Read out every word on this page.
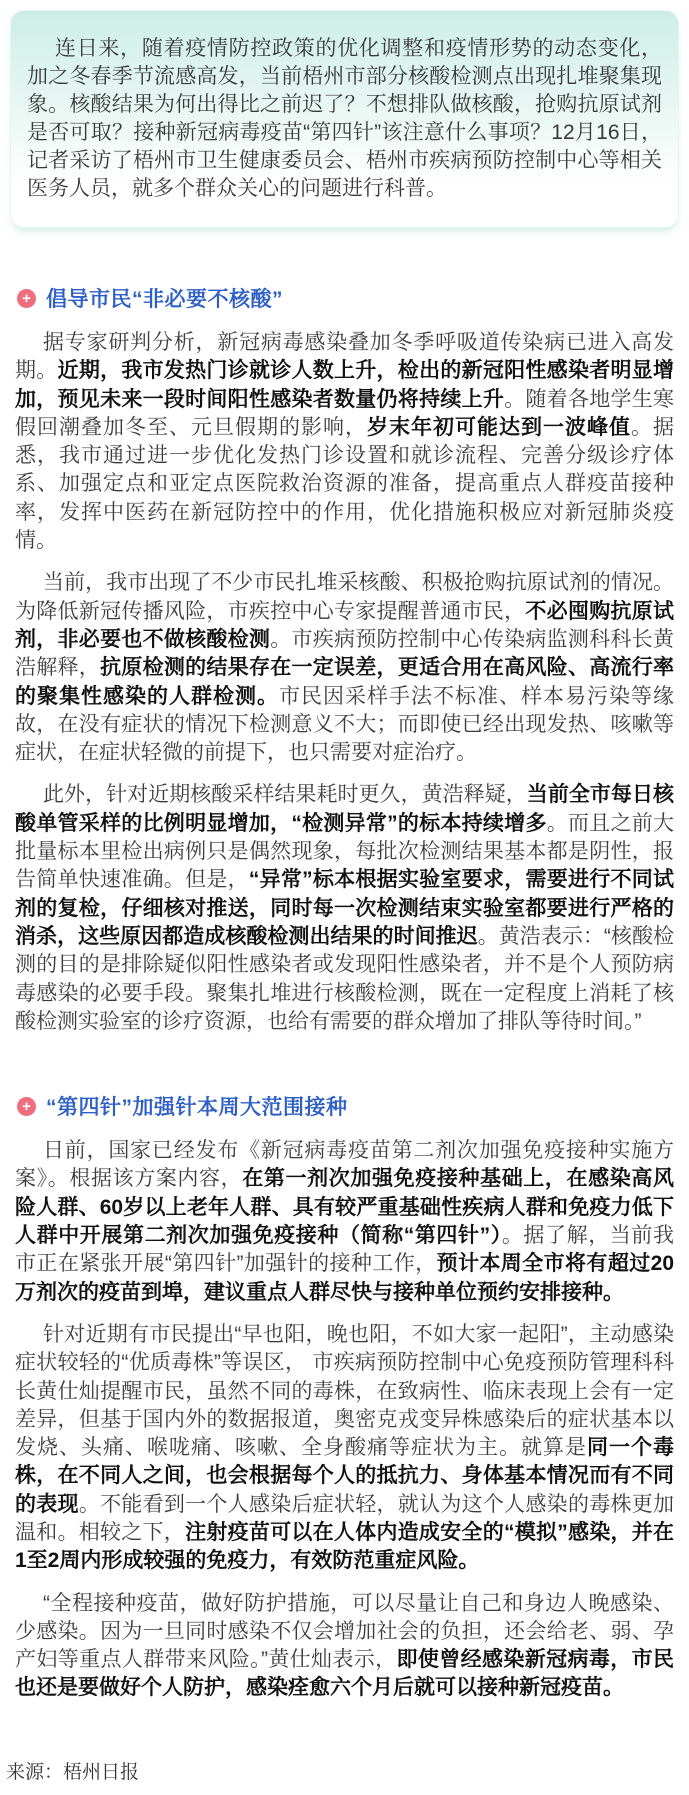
连日来，随着疫情防控政策的优化调整和疫情形势的动态变化，加之冬春季节流感高发，当前梧州市部分核酸检测点出现扎堆聚集现象。核酸结果为何出得比之前迟了？不想排队做核酸，抢购抗原试剂是否可取？接种新冠病毒疫苗“第四针”该注意什么事项？12月16日，记者采访了梧州市卫生健康委员会、梧州市疾病预防控制中心等相关医务人员，就多个群众关心的问题进行科普。

+ 倡导市民“非必要不核酸”

据专家研判分析，新冠病毒感染叠加冬季呼吸道传染病已进入高发期。近期，我市发热门诊就诊人数上升，检出的新冠阳性感染者明显增加，预见未来一段时间阳性感染者数量仍将持续上升。随着各地学生寒假回潮叠加冬至、元旦假期的影响，岁末年初可能达到一波峰值。据悉，我市通过进一步优化发热门诊设置和就诊流程、完善分级诊疗体系、加强定点和亚定点医院救治资源的准备，提高重点人群疫苗接种率，发挥中医药在新冠防控中的作用，优化措施积极应对新冠肺炎疫情。

当前，我市出现了不少市民扎堆采核酸、积极抢购抗原试剂的情况。为降低新冠传播风险，市疾控中心专家提醒普通市民，不必囤购抗原试剂，非必要也不做核酸检测。市疾病预防控制中心传染病监测科科长黄浩解释，抗原检测的结果存在一定误差，更适合用在高风险、高流行率的聚集性感染的人群检测。市民因采样手法不标准、样本易污染等缘故，在没有症状的情况下检测意义不大；而即使已经出现发热、咳嗽等症状，在症状轻微的前提下，也只需要对症治疗。

此外，针对近期核酸采样结果耗时更久，黄浩释疑，当前全市每日核酸单管采样的比例明显增加，“检测异常”的标本持续增多。而且之前大批量标本里检出病例只是偶然现象，每批次检测结果基本都是阴性，报告简单快速准确。但是，“异常”标本根据实验室要求，需要进行不同试剂的复检，仔细核对推送，同时每一次检测结束实验室都要进行严格的消杀，这些原因都造成核酸检测出结果的时间推迟。黄浩表示：“核酸检测的目的是排除疑似阳性感染者或发现阳性感染者，并不是个人预防病毒感染的必要手段。聚集扎堆进行核酸检测，既在一定程度上消耗了核酸检测实验室的诊疗资源，也给有需要的群众增加了排队等待时间。”

+ “第四针”加强针本周大范围接种

日前，国家已经发布《新冠病毒疫苗第二剂次加强免疫接种实施方案》。根据该方案内容，在第一剂次加强免疫接种基础上，在感染高风险人群、60岁以上老年人群、具有较严重基础性疾病人群和免疫力低下人群中开展第二剂次加强免疫接种（简称“第四针”）。据了解，当前我市正在紧张开展“第四针”加强针的接种工作，预计本周全市将有超过20万剂次的疫苗到埠，建议重点人群尽快与接种单位预约安排接种。

针对近期有市民提出“早也阳，晚也阳，不如大家一起阳”，主动感染症状较轻的“优质毒株”等误区， 市疾病预防控制中心免疫预防管理科科长黄仕灿提醒市民，虽然不同的毒株，在致病性、临床表现上会有一定差异，但基于国内外的数据报道，奥密克戎变异株感染后的症状基本以发烧、头痛、喉咙痛、咳嗽、全身酸痛等症状为主。就算是同一个毒株，在不同人之间，也会根据每个人的抵抗力、身体基本情况而有不同的表现。不能看到一个人感染后症状轻，就认为这个人感染的毒株更加温和。相较之下，注射疫苗可以在人体内造成安全的“模拟”感染，并在1至2周内形成较强的免疫力，有效防范重症风险。

“全程接种疫苗，做好防护措施，可以尽量让自己和身边人晚感染、少感染。因为一旦同时感染不仅会增加社会的负担，还会给老、弱、孕产妇等重点人群带来风险。”黄仕灿表示，即使曾经感染新冠病毒，市民也还是要做好个人防护，感染痊愈六个月后就可以接种新冠疫苗。

来源：梧州日报
